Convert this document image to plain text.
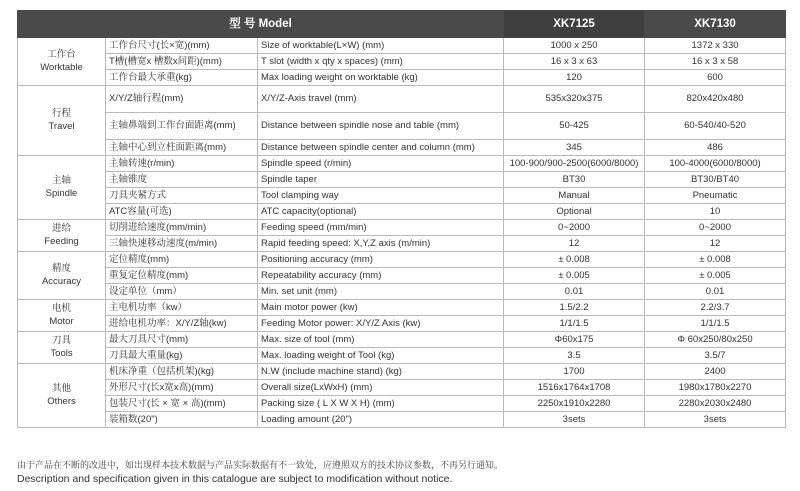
型 号 Model			XK7125	XK7130

工作台
Worktable	工作台尺寸(长×宽)(mm)	Size of worktable(L×W) (mm)	1000 x 250	1372 x 330
	T槽(槽宽x 槽数x间距)(mm)	T slot (width x qty x spaces) (mm)	16 x 3 x 63	16 x 3 x 58
	工作台最大承重(kg)	Max loading weight on worktable (kg)	120	600

行程
Travel	X/Y/Z轴行程(mm)	X/Y/Z-Axis travel (mm)	535x320x375	820x420x480
	主轴鼻端到工作台面距离(mm)	Distance between spindle nose and table (mm)	50-425	60-540/40-520
	主轴中心到立柱面距离(mm)	Distance between spindle center and column (mm)	345	486

主轴
Spindle	主轴转速(r/min)	Spindle speed (r/min)	100-900/900-2500(6000/8000)	100-4000(6000/8000)
	主轴锥度	Spindle taper	BT30	BT30/BT40
	刀具夹紧方式	Tool clamping way	Manual	Pneumatic
	ATC容量(可选)	ATC capacity(optional)	Optional	10

进给
Feeding	切削进给速度(mm/min)	Feeding speed (mm/min)	0~2000	0~2000
	三轴快速移动速度(m/min)	Rapid feeding speed: X,Y,Z axis (m/min)	12	12

精度
Accuracy	定位精度(mm)	Positioning accuracy (mm)	± 0.008	± 0.008
	重复定位精度(mm)	Repeatability accuracy (mm)	± 0.005	± 0.005
	设定单位（mm）	Min. set unit (mm)	0.01	0.01

电机
Motor	主电机功率（kw）	Main motor power (kw)	1.5/2.2	2.2/3.7
	进给电机功率：X/Y/Z轴(kw)	Feeding Motor power: X/Y/Z Axis (kw)	1/1/1.5	1/1/1.5

刀具
Tools	最大刀具尺寸(mm)	Max. size of tool (mm)	Φ60x175	Φ 60x250/80x250
	刀具最大重量(kg)	Max. loading weight of Tool (kg)	3.5	3.5/7

其他
Others	机床净重（包括机架)(kg)	N.W (include machine stand) (kg)	1700	2400
	外形尺寸(长x宽x高)(mm)	Overall size(LxWxH) (mm)	1516x1764x1708	1980x1780x2270
	包装尺寸(长 × 宽 × 高)(mm)	Packing size ( L X W X H) (mm)	2250x1910x2280	2280x2030x2480
	装箱数(20")	Loading amount (20")	3sets	3sets
由于产品在不断的改进中，如出现样本技术数据与产品实际数据有不一致处，应遵照双方的技术协议参数，不再另行通知。
Description and specification given in this catalogue are subject to modification without notice.
